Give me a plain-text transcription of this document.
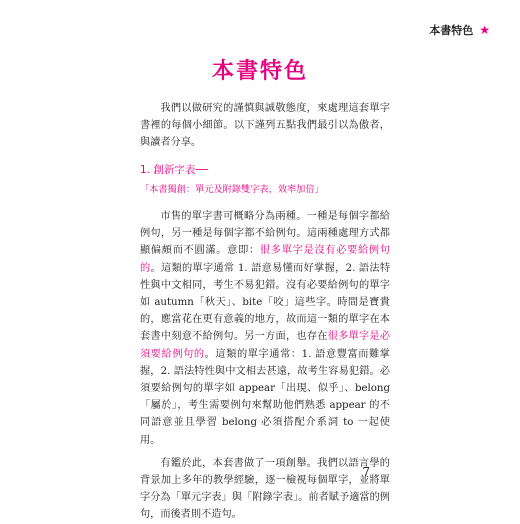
本書特色 ★
本書特色

我們以做研究的謹慎與誠敬態度，來處理這套單字書裡的每個小細節。以下謹列五點我們最引以為傲者，與讀者分享。

1. 創新字表──

「本書獨創：單元及附錄雙字表，效率加倍」

市售的單字書可概略分為兩種。一種是每個字都給例句，另一種是每個字都不給例句。這兩種處理方式都顯偏頗而不圓滿。意即：很多單字是沒有必要給例句的。這類的單字通常 1. 語意易懂而好掌握，2. 語法特性與中文相同，考生不易犯錯。沒有必要給例句的單字如 autumn「秋天」、bite「咬」這些字。時間是寶貴的，應當花在更有意義的地方，故而這一類的單字在本套書中刻意不給例句。另一方面，也存在很多單字是必須要給例句的。這類的單字通常：1. 語意豐富而難掌握，2. 語法特性與中文相去甚遠，故考生容易犯錯。必須要給例句的單字如 appear「出現、似乎」、belong「屬於」，考生需要例句來幫助他們熟悉 appear 的不同語意並且學習 belong 必須搭配介系詞 to 一起使用。

有鑑於此，本套書做了一項創舉。我們以語言學的背景加上多年的教學經驗，逐一檢視每個單字，並將單字分為「單元字表」與「附錄字表」。前者賦予適當的例句，而後者則不造句。

7
